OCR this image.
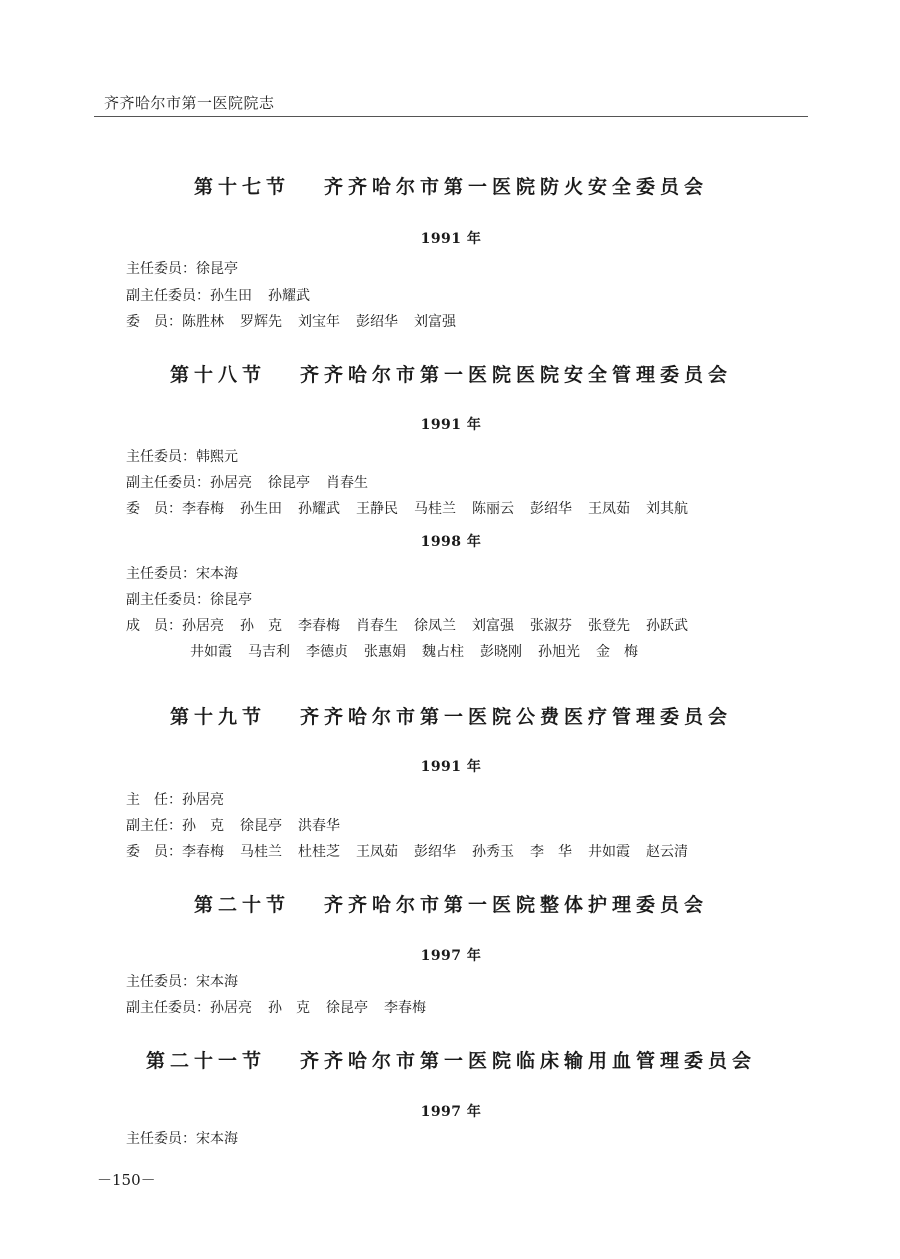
齐齐哈尔市第一医院院志
第十七节 齐齐哈尔市第一医院防火安全委员会
1991 年
主任委员：徐昆亭
副主任委员：孙生田 孙耀武
委　员：陈胜林 罗辉先 刘宝年 彭绍华 刘富强
第十八节 齐齐哈尔市第一医院医院安全管理委员会
1991 年
主任委员：韩熙元
副主任委员：孙居亮 徐昆亭 肖春生
委　员：李春梅 孙生田 孙耀武 王静民 马桂兰 陈丽云 彭绍华 王凤茹 刘其航
1998 年
主任委员：宋本海
副主任委员：徐昆亭
成　员：孙居亮 孙　克 李春梅 肖春生 徐凤兰 刘富强 张淑芬 张登先 孙跃武
井如霞 马吉利 李德贞 张惠娟 魏占柱 彭晓刚 孙旭光 金　梅
第十九节 齐齐哈尔市第一医院公费医疗管理委员会
1991 年
主　任：孙居亮
副主任：孙　克 徐昆亭 洪春华
委　员：李春梅 马桂兰 杜桂芝 王凤茹 彭绍华 孙秀玉 李　华 井如霞 赵云清
第二十节 齐齐哈尔市第一医院整体护理委员会
1997 年
主任委员：宋本海
副主任委员：孙居亮 孙　克 徐昆亭 李春梅
第二十一节 齐齐哈尔市第一医院临床输用血管理委员会
1997 年
主任委员：宋本海
－150－
